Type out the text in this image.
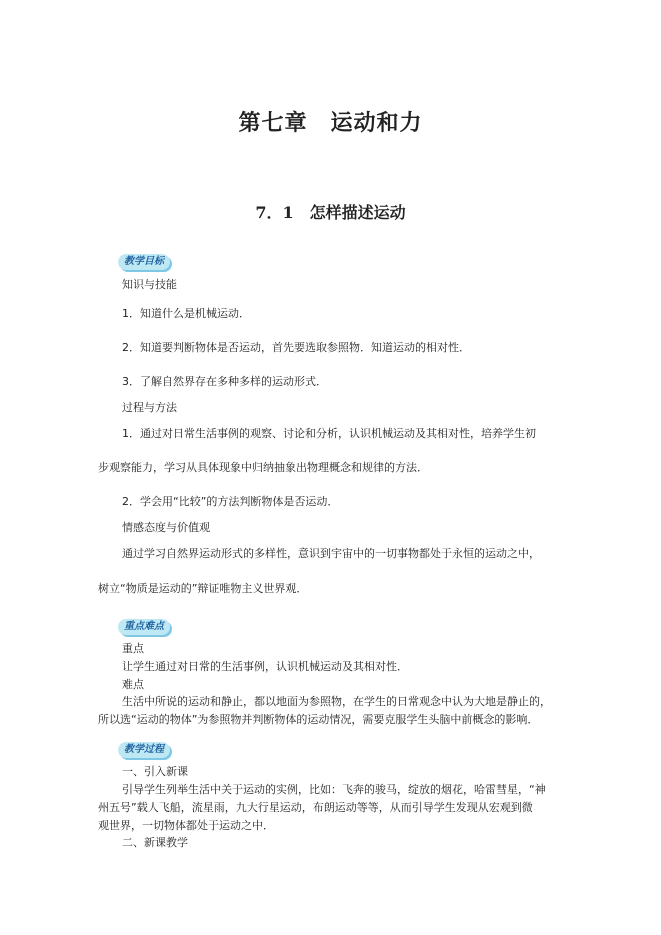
第七章　运动和力
7．1　怎样描述运动
教学目标
知识与技能
1．知道什么是机械运动．
2．知道要判断物体是否运动，首先要选取参照物．知道运动的相对性．
3．了解自然界存在多种多样的运动形式．
过程与方法
1．通过对日常生活事例的观察、讨论和分析，认识机械运动及其相对性，培养学生初
步观察能力，学习从具体现象中归纳抽象出物理概念和规律的方法．
2．学会用“比较”的方法判断物体是否运动．
情感态度与价值观
通过学习自然界运动形式的多样性，意识到宇宙中的一切事物都处于永恒的运动之中，
树立“物质是运动的”辩证唯物主义世界观．
重点难点
重点
让学生通过对日常的生活事例，认识机械运动及其相对性．
难点
生活中所说的运动和静止，都以地面为参照物，在学生的日常观念中认为大地是静止的，
所以选“运动的物体”为参照物并判断物体的运动情况，需要克服学生头脑中前概念的影响．
教学过程
一、引入新课
引导学生列举生活中关于运动的实例，比如：飞奔的骏马，绽放的烟花，哈雷彗星，“神
州五号”载人飞船，流星雨，九大行星运动，布朗运动等等，从而引导学生发现从宏观到微
观世界，一切物体都处于运动之中．
二、新课教学
